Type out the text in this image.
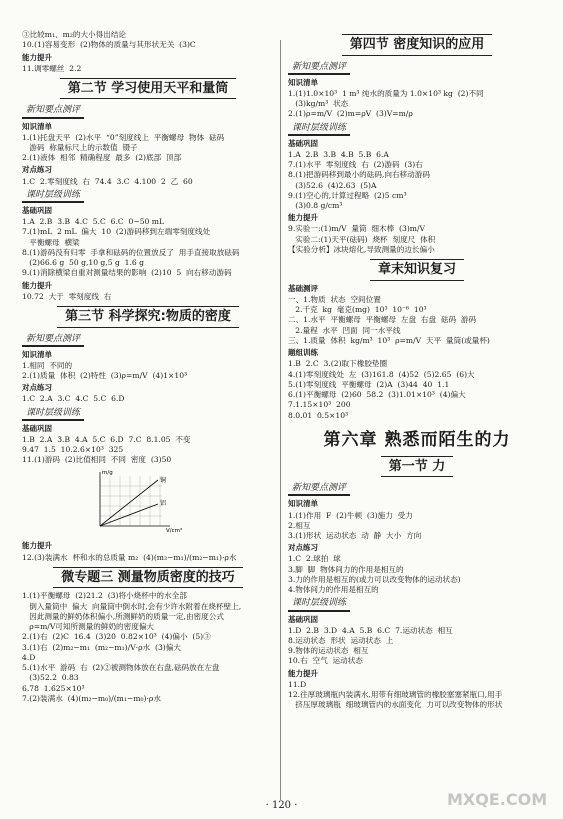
③比较m₁、m₂的大小得出结论
10.(1)容易变形  (2)物体的质量与其形状无关  (3)C
能力提升
11.调零螺丝  2.2
第二节 学习使用天平和量筒
新知要点测评
知识清单
1.(1)托盘天平  (2)水平  “0”刻度线上  平衡螺母  物体  砝码
游码  称量标尺上的示数值  镊子
2.(1)液体  相邻  精确程度  最多  (2)底部  顶部
对点练习
1.C  2.零刻度线  右  74.4  3.C  4.100  2  乙  60
课时层级训练
基础巩固
1.A  2.B  3.B  4.C  5.C  6.C  0~50 mL
7.(1)mL  2 mL  偏大  10  (2)游码移到左端零刻度线处
平衡螺母  横梁
8.(1)游码没有归零  手拿和砝码的位置放反了  用手直接取放砝码
(2)66.6 g  50 g,10 g,5 g  1.6 g
9.(1)消除横梁自重对测量结果的影响  (2)10  5  向右移动游码
能力提升
10.72  大于  零刻度线  右
第三节 科学探究:物质的密度
新知要点测评
知识清单
1.相同  不同的
2.(1)质量  体积  (2)特性  (3)ρ=m/V  (4)1×10³
对点练习
1.C  2.A  3.C  4.C  5.C  6.D
课时层级训练
基础巩固
1.B  2.A  3.B  4.A  5.C  6.D  7.C  8.1.05  不变
9.47  1.5  10.2.6×10³  325
11.(1)游码  (2)比值相同  不同  密度  (3)50
铜
铝
m/g
V/cm³
能力提升
12.(3)装满水  杯和水的总质量 m₂  (4)(m₃−m₁)/(m₂−m₁)·ρ水
微专题三 测量物质密度的技巧
1.(1)平衡螺母  (2)21.2  (3)将小烧杯中的水全部
倒入量筒中  偏大  向量筒中倒水时,会有少许水附着在烧杯壁上,
因此测量的鲜奶体积偏小,所测鲜奶的质量一定,由密度公式
ρ=m/V可知所测量的鲜奶的密度偏大
2.(1)右  (2)C  16.4  (3)20  0.82×10³  (4)偏小  (5)③
3.(1)右  (2)m₂−m₁  (m₂−m₁)/V·ρ水  (3)偏大
4.D
5.(1)水平  游码  右  (2)②被测物体放在右盘,砝码放在左盘
(3)52.2  0.83
6.78  1.625×10³
7.(2)装满水  (4)(m₂−m₀)/(m₁−m₀)·ρ水
第四节 密度知识的应用
新知要点测评
知识清单
1.(1)1.0×10³  1 m³ 纯水的质量为 1.0×10³ kg  (2)不同
(3)kg/m³  状态
2.(1)ρ=m/V  (2)m=ρV  (3)V=m/ρ
课时层级训练
基础巩固
1.A  2.B  3.B  4.B  5.B  6.A
7.(1)水平  零刻度线  右  (2)游码  (3)右
8.(1)把游码移到最小的砝码,向右移动游码
(3)52.6  (4)2.63  (5)A
9.(1)空心的,计算过程略  (2)5 cm³
(3)0.8 g/cm³
能力提升
9.实验一:(1)m/V  量筒  细木棒  (3)m/V
实验二:(1)天平(砝码)  烧杯  刻度尺  体积
【实验分析】冰块熔化,导致测量的边长偏小
章末知识复习
基础测评
一、1.物质  状态  空间位置
2.千克  kg  毫克(mg)  10³  10⁻⁶  10³
二、1.水平  平衡螺母  平衡螺母  左盘  右盘  砝码  游码
2.量程  水平  凹面  同一水平线
三、1.质量  体积  kg/m³  10³  ρ=m/V  天平  量筒(或量杯)
题组训练
1.B  2.C  3.(2)取下橡胶垫圈
4.(1)零刻度线处  左  (3)161.8  (4)52  (5)2.65  (6)大
5.(1)零刻度线  平衡螺母  (2)A  (3)44  40  1.1
6.(1)平衡螺母  (2)60  58.2  (3)1.01×10³  (4)偏大
7.1.15×10³  200
8.0.01  0.5×10³
第六章 熟悉而陌生的力
第一节 力
新知要点测评
知识清单
1.(1)作用  F  (2)牛顿  (3)施力  受力
2.相互
3.(1)形状  运动状态  动  静  大小  方向
对点练习
1.C  2.球拍  球
3.脚  脚  物体间力的作用是相互的
3.力的作用是相互的(或力可以改变物体的运动状态)
4.物体间力的作用是相互的
课时层级训练
基础巩固
1.D  2.B  3.D  4.A  5.B  6.C  7.运动状态  相互
8.运动状态  形状  运动状态  上
9.物体的运动状态  相互
10.右  空气  运动状态
能力提升
11.D
12.往厚玻璃瓶内装满水,用带有细玻璃管的橡胶塞塞紧瓶口,用手
挤压厚玻璃瓶  细玻璃管内的水面变化  力可以改变物体的形状
· 120 ·	MXQE.COM
